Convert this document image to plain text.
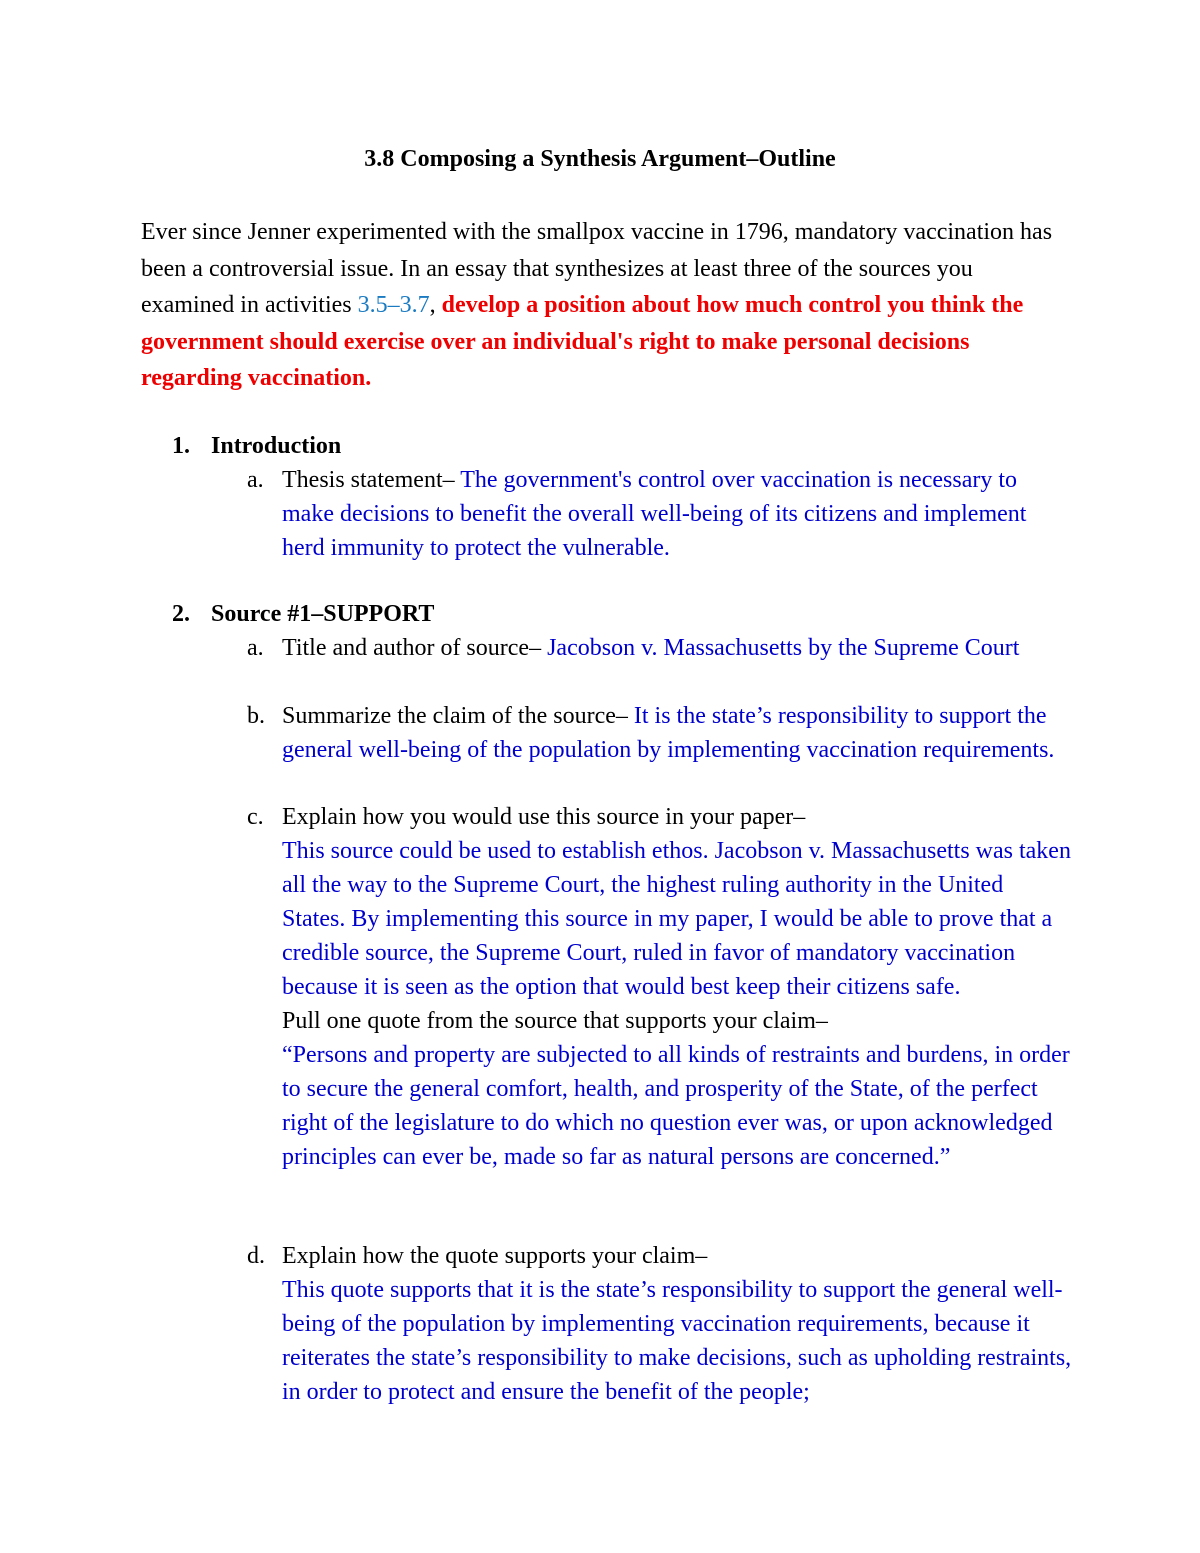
3.8 Composing a Synthesis Argument–Outline
Ever since Jenner experimented with the smallpox vaccine in 1796, mandatory vaccination has been a controversial issue. In an essay that synthesizes at least three of the sources you examined in activities 3.5–3.7, develop a position about how much control you think the government should exercise over an individual's right to make personal decisions regarding vaccination.
1. Introduction
a. Thesis statement– The government's control over vaccination is necessary to make decisions to benefit the overall well-being of its citizens and implement herd immunity to protect the vulnerable.
2. Source #1–SUPPORT
a. Title and author of source– Jacobson v. Massachusetts by the Supreme Court
b. Summarize the claim of the source– It is the state’s responsibility to support the general well-being of the population by implementing vaccination requirements.
c. Explain how you would use this source in your paper–
This source could be used to establish ethos. Jacobson v. Massachusetts was taken all the way to the Supreme Court, the highest ruling authority in the United States. By implementing this source in my paper, I would be able to prove that a credible source, the Supreme Court, ruled in favor of mandatory vaccination because it is seen as the option that would best keep their citizens safe.
Pull one quote from the source that supports your claim–
“Persons and property are subjected to all kinds of restraints and burdens, in order to secure the general comfort, health, and prosperity of the State, of the perfect right of the legislature to do which no question ever was, or upon acknowledged principles can ever be, made so far as natural persons are concerned.”
d. Explain how the quote supports your claim–
This quote supports that it is the state’s responsibility to support the general well-being of the population by implementing vaccination requirements, because it reiterates the state’s responsibility to make decisions, such as upholding restraints, in order to protect and ensure the benefit of the people;
